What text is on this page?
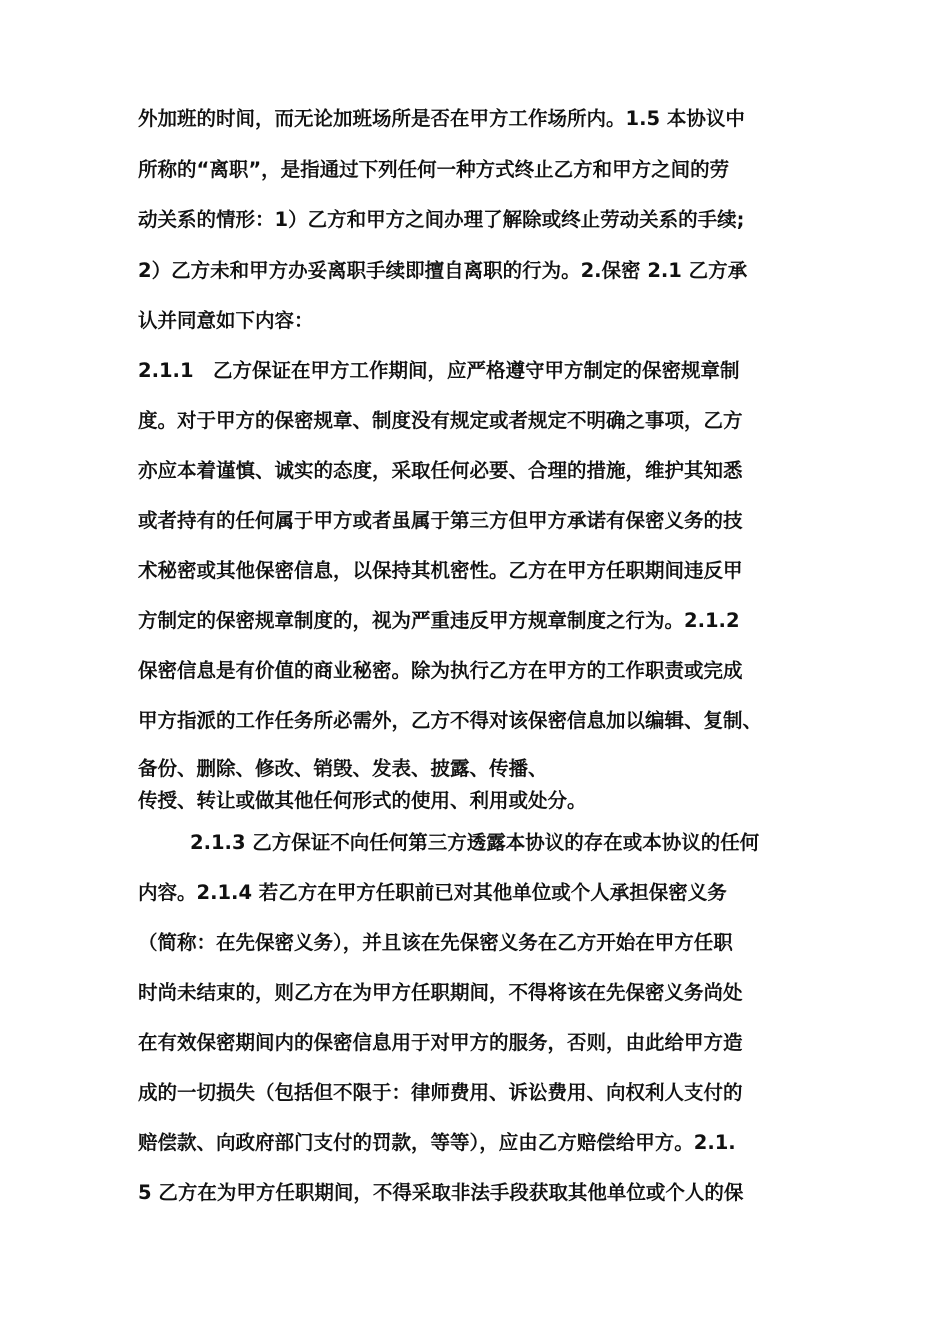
外加班的时间，而无论加班场所是否在甲方工作场所内。1.5 本协议中
所称的“离职”，是指通过下列任何一种方式终止乙方和甲方之间的劳
动关系的情形：1）乙方和甲方之间办理了解除或终止劳动关系的手续;
2）乙方未和甲方办妥离职手续即擅自离职的行为。2.保密 2.1 乙方承
认并同意如下内容：
2.1.1　乙方保证在甲方工作期间，应严格遵守甲方制定的保密规章制
度。对于甲方的保密规章、制度没有规定或者规定不明确之事项，乙方
亦应本着谨慎、诚实的态度，采取任何必要、合理的措施，维护其知悉
或者持有的任何属于甲方或者虽属于第三方但甲方承诺有保密义务的技
术秘密或其他保密信息，以保持其机密性。乙方在甲方任职期间违反甲
方制定的保密规章制度的，视为严重违反甲方规章制度之行为。2.1.2
保密信息是有价值的商业秘密。除为执行乙方在甲方的工作职责或完成
甲方指派的工作任务所必需外，乙方不得对该保密信息加以编辑、复制、
备份、删除、修改、销毁、发表、披露、传播、
传授、转让或做其他任何形式的使用、利用或处分。
2.1.3 乙方保证不向任何第三方透露本协议的存在或本协议的任何
内容。2.1.4 若乙方在甲方任职前已对其他单位或个人承担保密义务
（简称：在先保密义务），并且该在先保密义务在乙方开始在甲方任职
时尚未结束的，则乙方在为甲方任职期间，不得将该在先保密义务尚处
在有效保密期间内的保密信息用于对甲方的服务，否则，由此给甲方造
成的一切损失（包括但不限于：律师费用、诉讼费用、向权利人支付的
赔偿款、向政府部门支付的罚款，等等），应由乙方赔偿给甲方。2.1.
5 乙方在为甲方任职期间，不得采取非法手段获取其他单位或个人的保
